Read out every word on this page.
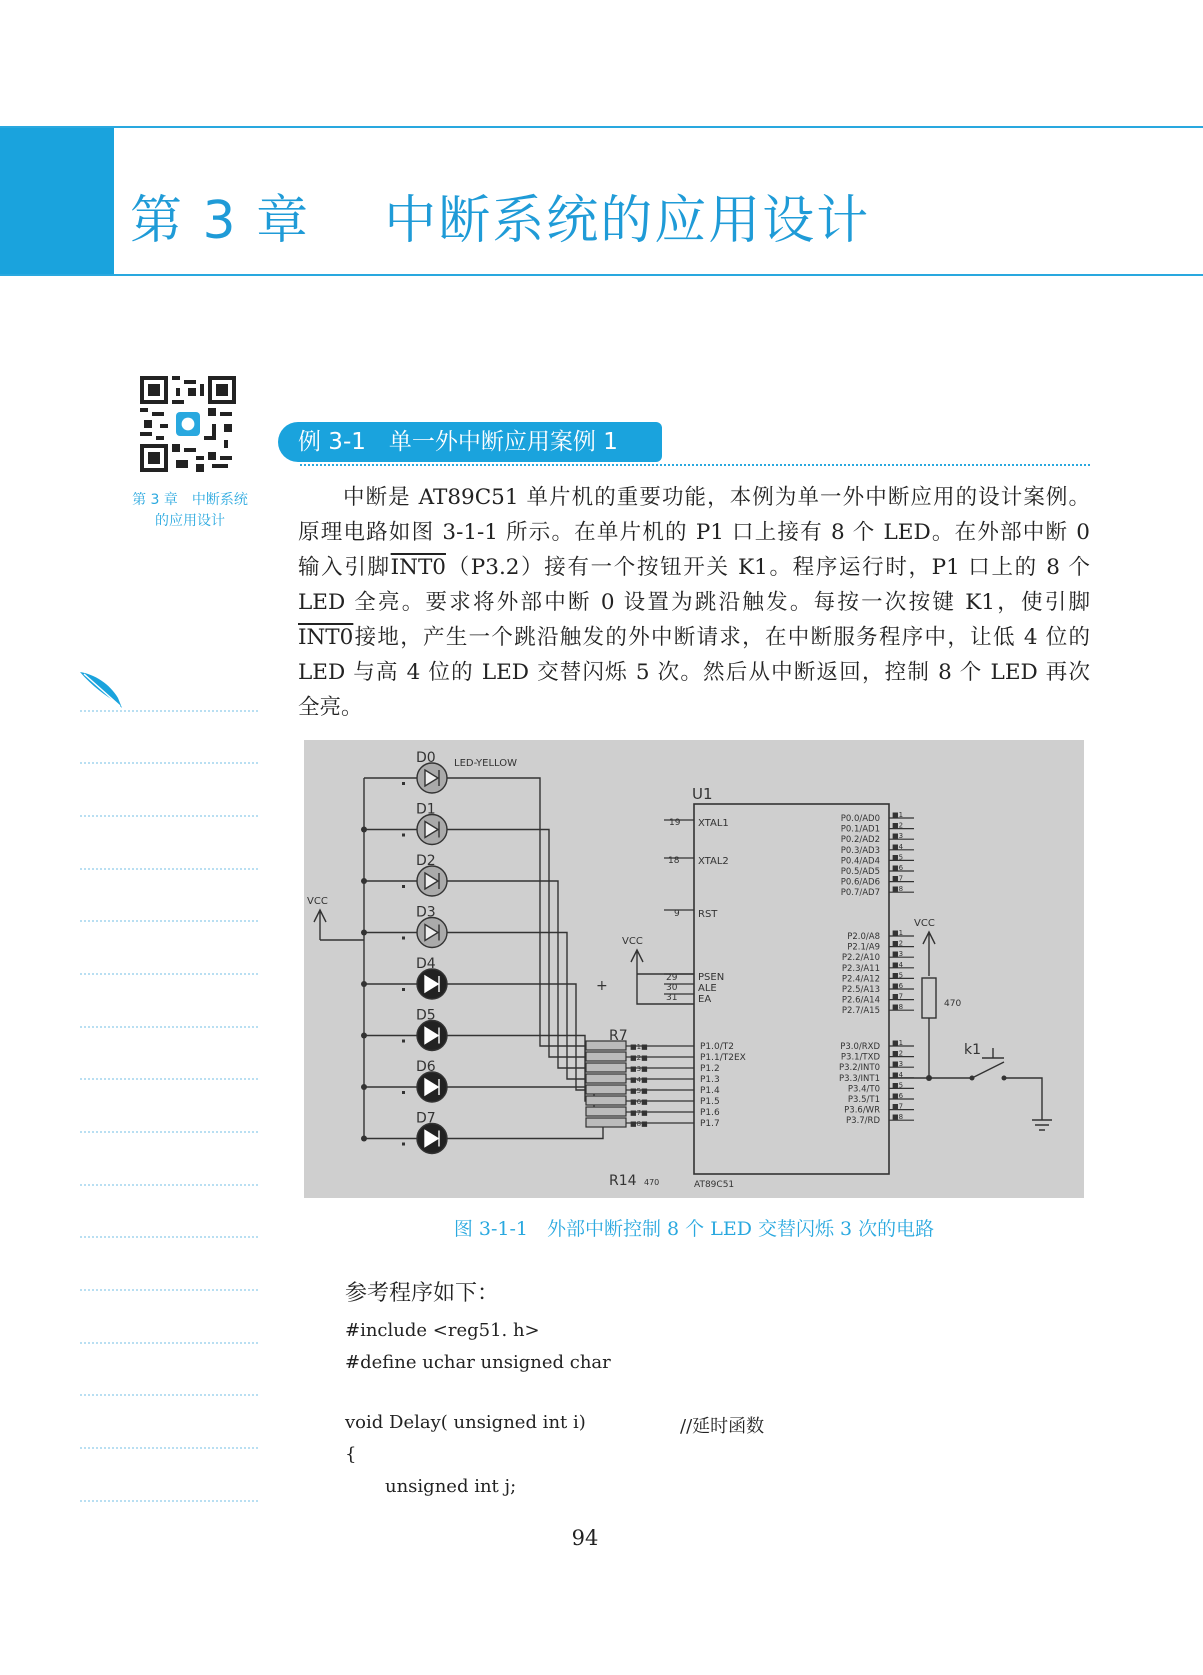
第 3 章    中断系统的应用设计
第 3 章　中断系统
的应用设计
例 3-1　单一外中断应用案例 1
中断是 AT89C51 单片机的重要功能，本例为单一外中断应用的设计案例。
原理电路如图 3-1-1 所示。在单片机的 P1 口上接有 8 个 LED。在外部中断 0
输入引脚INT0（P3.2）接有一个按钮开关 K1。程序运行时，P1 口上的 8 个
LED 全亮。要求将外部中断 0 设置为跳沿触发。每按一次按键 K1，使引脚
INT0接地，产生一个跳沿触发的外中断请求，在中断服务程序中，让低 4 位的
LED 与高 4 位的 LED 交替闪烁 5 次。然后从中断返回，控制 8 个 LED 再次
全亮。
■1■
■2■
■3■
■4■
■5■
■6■
■7■
■8■
P0.0/AD0 ■1
P0.1/AD1 ■2
P0.2/AD2 ■3
P0.3/AD3 ■4
P0.4/AD4 ■5
P0.5/AD5 ■6
P0.6/AD6 ■7
P0.7/AD7 ■8
P2.0/A8 ■1
P2.1/A9 ■2
P2.2/A10 ■3
P2.3/A11 ■4
P2.4/A12 ■5
P2.5/A13 ■6
P2.6/A14 ■7
P2.7/A15 ■8
P3.0/RXD ■1
P3.1/TXD ■2
P3.2/INT0 ■3
P3.3/INT1 ■4
P3.4/T0 ■5
P3.5/T1 ■6
P3.6/WR ■7
P3.7/RD ■8
P1.0/T2
P1.1/T2EX
P1.2
P1.3
P1.4
P1.5
P1.6
P1.7
U1
AT89C51
19
18
9
29
30
31
XTAL1
XTAL2
RST
PSEN
ALE
EA
LED-YELLOW
VCC
VCC
+
VCC
470
k1
R7
R14 470
D0
D1
D2
D3
D4
D5
D6
D7
图 3-1-1　外部中断控制 8 个 LED 交替闪烁 3 次的电路
参考程序如下：
#include <reg51. h>
#define uchar unsigned char
void Delay( unsigned int i)	//延时函数
{
unsigned int j;
94
